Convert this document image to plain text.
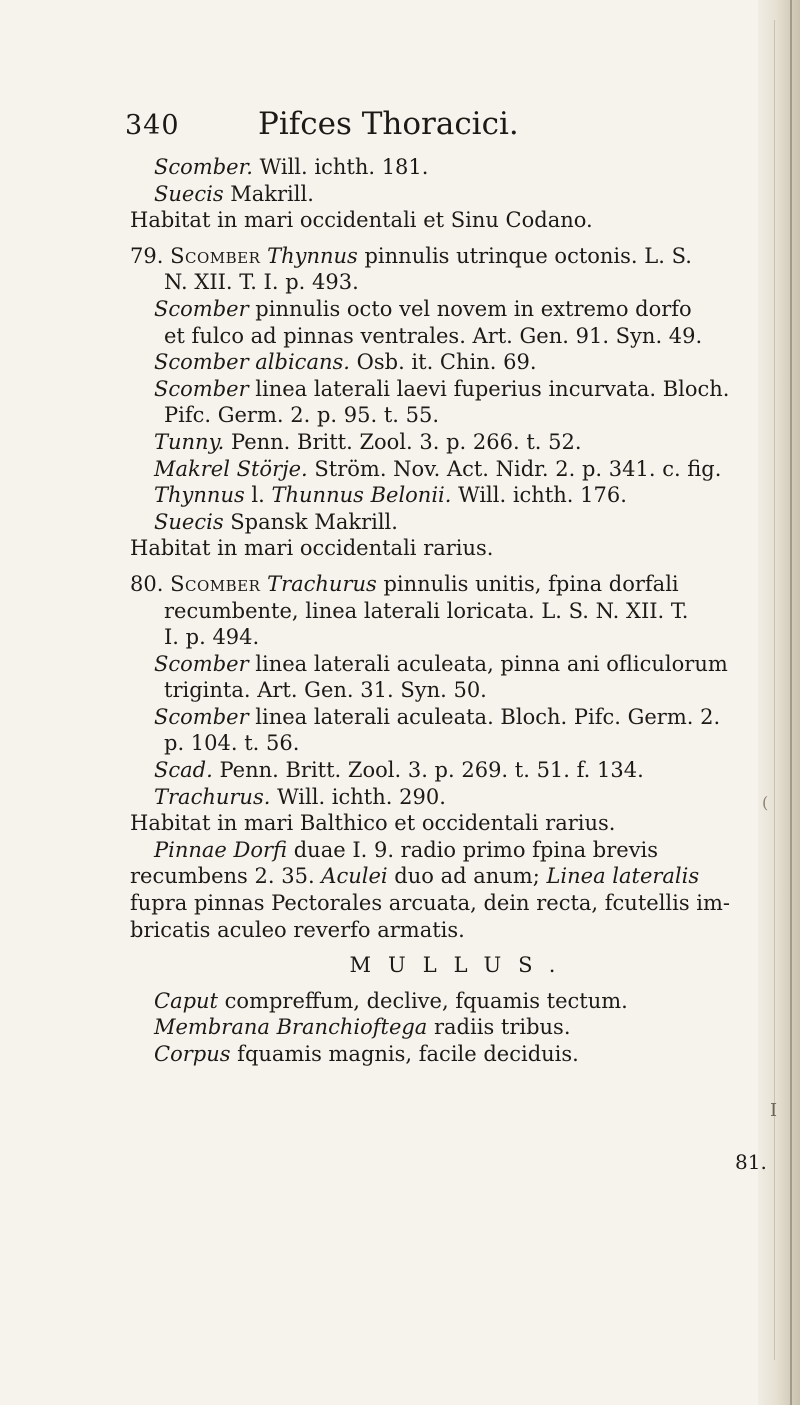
340	Pifces Thoracici.
Scomber. Will. ichth. 181.
Suecis Makrill.
Habitat in mari occidentali et Sinu Codano.
79. Scomber Thynnus pinnulis utrinque octonis. L. S.
N. XII. T. I. p. 493.
Scomber pinnulis octo vel novem in extremo dorfo
et fulco ad pinnas ventrales. Art. Gen. 91. Syn. 49.
Scomber albicans. Osb. it. Chin. 69.
Scomber linea laterali laevi fuperius incurvata. Bloch.
Pifc. Germ. 2. p. 95. t. 55.
Tunny. Penn. Britt. Zool. 3. p. 266. t. 52.
Makrel Störje. Ström. Nov. Act. Nidr. 2. p. 341. c. fig.
Thynnus l. Thunnus Belonii. Will. ichth. 176.
Suecis Spansk Makrill.
Habitat in mari occidentali rarius.
80. Scomber Trachurus pinnulis unitis, fpina dorfali
recumbente, linea laterali loricata. L. S. N. XII. T.
I. p. 494.
Scomber linea laterali aculeata, pinna ani ofliculorum
triginta. Art. Gen. 31. Syn. 50.
Scomber linea laterali aculeata. Bloch. Pifc. Germ. 2.
p. 104. t. 56.
Scad. Penn. Britt. Zool. 3. p. 269. t. 51. f. 134.
Trachurus. Will. ichth. 290.
Habitat in mari Balthico et occidentali rarius.
Pinnae Dorfi duae I. 9. radio primo fpina brevis
recumbens 2. 35. Aculei duo ad anum; Linea lateralis
fupra pinnas Pectorales arcuata, dein recta, fcutellis im-
bricatis aculeo reverfo armatis.
MULLUS.
Caput compreffum, declive, fquamis tectum.
Membrana Branchioftega radiis tribus.
Corpus fquamis magnis, facile deciduis.
81.
I
(
